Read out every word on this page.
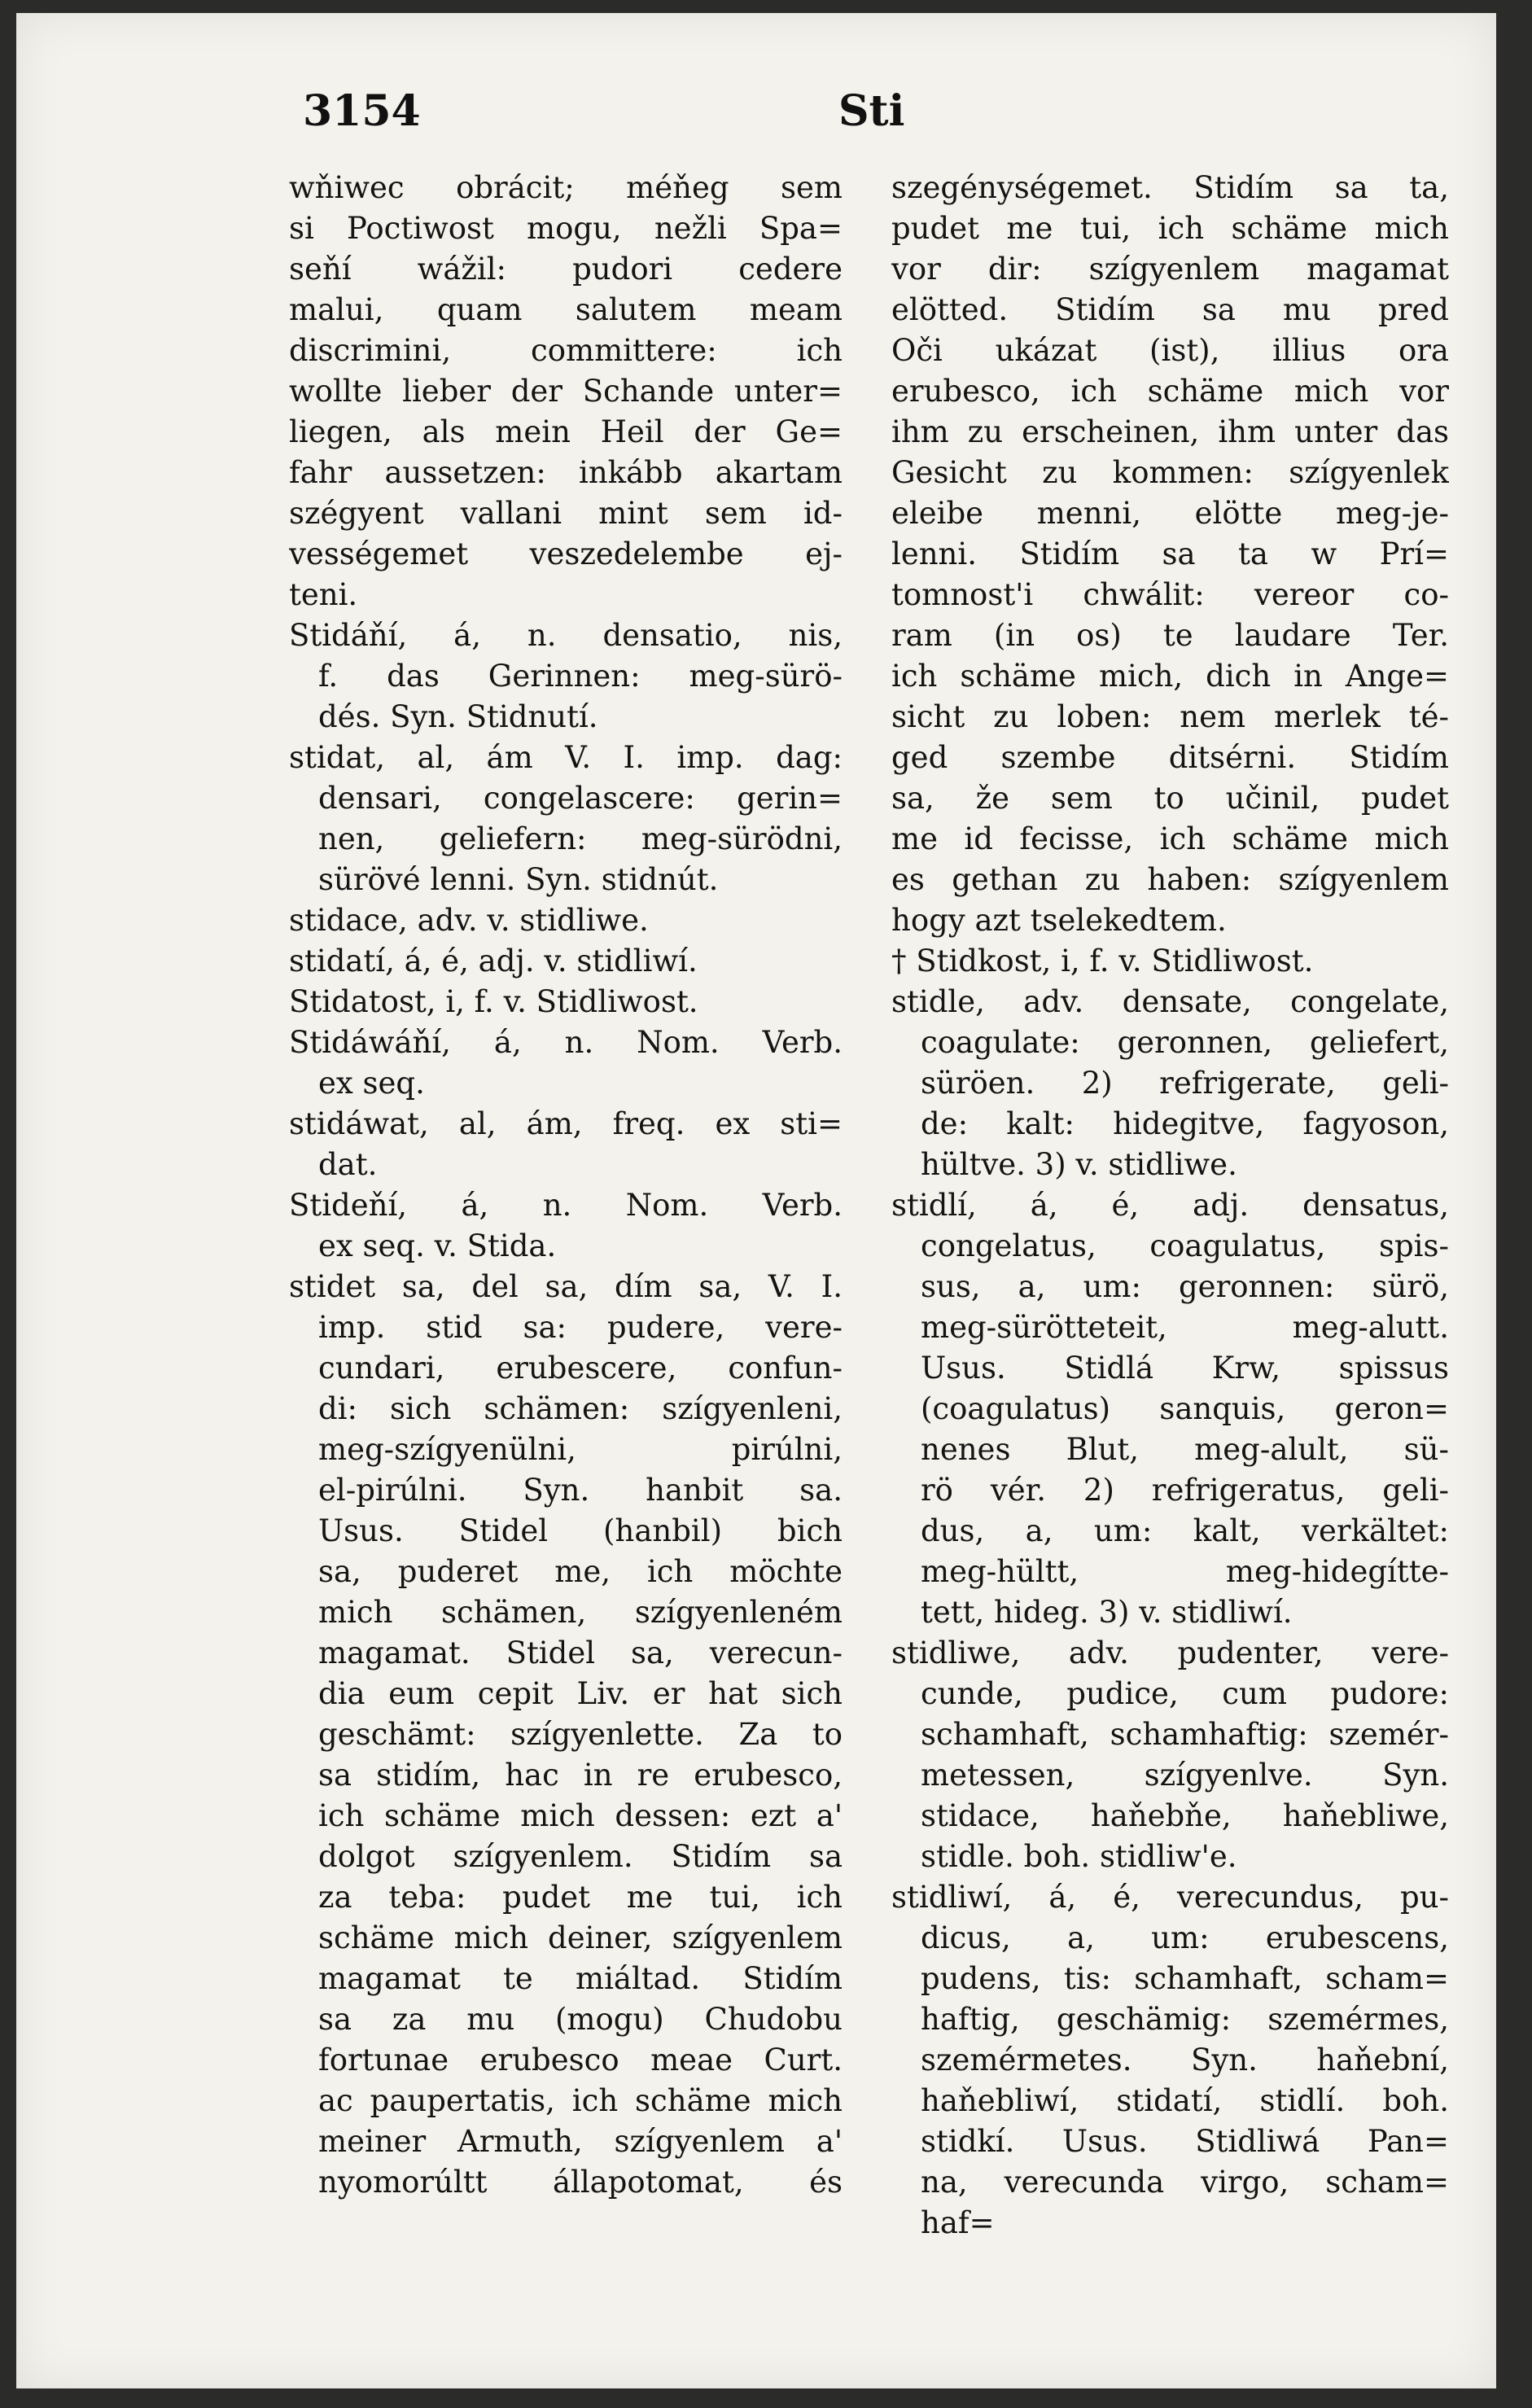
3154	Sti
wňiwec obrácit; méňeg sem
si Poctiwost mogu, nežli Spa=
seňí wážil: pudori cedere
malui, quam salutem meam
discrimini, committere: ich
wollte lieber der Schande unter=
liegen, als mein Heil der Ge=
fahr aussetzen: inkább akartam
szégyent vallani mint sem id-
vességemet veszedelembe ej-
teni.
Stidáňí, á, n. densatio, nis,
f. das Gerinnen: meg-sürö-
dés. Syn. Stidnutí.
stidat, al, ám V. I. imp. dag:
densari, congelascere: gerin=
nen, geliefern: meg-sürödni,
sürövé lenni. Syn. stidnút.
stidace, adv. v. stidliwe.
stidatí, á, é, adj. v. stidliwí.
Stidatost, i, f. v. Stidliwost.
Stidáwáňí, á, n. Nom. Verb.
ex seq.
stidáwat, al, ám, freq. ex sti=
dat.
Stideňí, á, n. Nom. Verb.
ex seq. v. Stida.
stidet sa, del sa, dím sa, V. I.
imp. stid sa: pudere, vere-
cundari, erubescere, confun-
di: sich schämen: szígyenleni,
meg-szígyenülni, pirúlni,
el-pirúlni. Syn. hanbit sa.
Usus. Stidel (hanbil) bich
sa, puderet me, ich möchte
mich schämen, szígyenleném
magamat. Stidel sa, verecun-
dia eum cepit Liv. er hat sich
geschämt: szígyenlette. Za to
sa stidím, hac in re erubesco,
ich schäme mich dessen: ezt a'
dolgot szígyenlem. Stidím sa
za teba: pudet me tui, ich
schäme mich deiner, szígyenlem
magamat te miáltad. Stidím
sa za mu (mogu) Chudobu
fortunae erubesco meae Curt.
ac paupertatis, ich schäme mich
meiner Armuth, szígyenlem a'
nyomorúltt állapotomat, és
szegénységemet. Stidím sa ta,
pudet me tui, ich schäme mich
vor dir: szígyenlem magamat
elötted. Stidím sa mu pred
Oči ukázat (ist), illius ora
erubesco, ich schäme mich vor
ihm zu erscheinen, ihm unter das
Gesicht zu kommen: szígyenlek
eleibe menni, elötte meg-je-
lenni. Stidím sa ta w Prí=
tomnost'i chwálit: vereor co-
ram (in os) te laudare Ter.
ich schäme mich, dich in Ange=
sicht zu loben: nem merlek té-
ged szembe ditsérni. Stidím
sa, že sem to učinil, pudet
me id fecisse, ich schäme mich
es gethan zu haben: szígyenlem
hogy azt tselekedtem.
† Stidkost, i, f. v. Stidliwost.
stidle, adv. densate, congelate,
coagulate: geronnen, geliefert,
süröen. 2) refrigerate, geli-
de: kalt: hidegitve, fagyoson,
hültve. 3) v. stidliwe.
stidlí, á, é, adj. densatus,
congelatus, coagulatus, spis-
sus, a, um: geronnen: sürö,
meg-sürötteteit, meg-alutt.
Usus. Stidlá Krw, spissus
(coagulatus) sanquis, geron=
nenes Blut, meg-alult, sü-
rö vér. 2) refrigeratus, geli-
dus, a, um: kalt, verkältet:
meg-hültt, meg-hidegítte-
tett, hideg. 3) v. stidliwí.
stidliwe, adv. pudenter, vere-
cunde, pudice, cum pudore:
schamhaft, schamhaftig: szemér-
metessen, szígyenlve. Syn.
stidace, haňebňe, haňebliwe,
stidle. boh. stidliw'e.
stidliwí, á, é, verecundus, pu-
dicus, a, um: erubescens,
pudens, tis: schamhaft, scham=
haftig, geschämig: szemérmes,
szemérmetes. Syn. haňební,
haňebliwí, stidatí, stidlí. boh.
stidkí. Usus. Stidliwá Pan=
na, verecunda virgo, scham=
haf=
